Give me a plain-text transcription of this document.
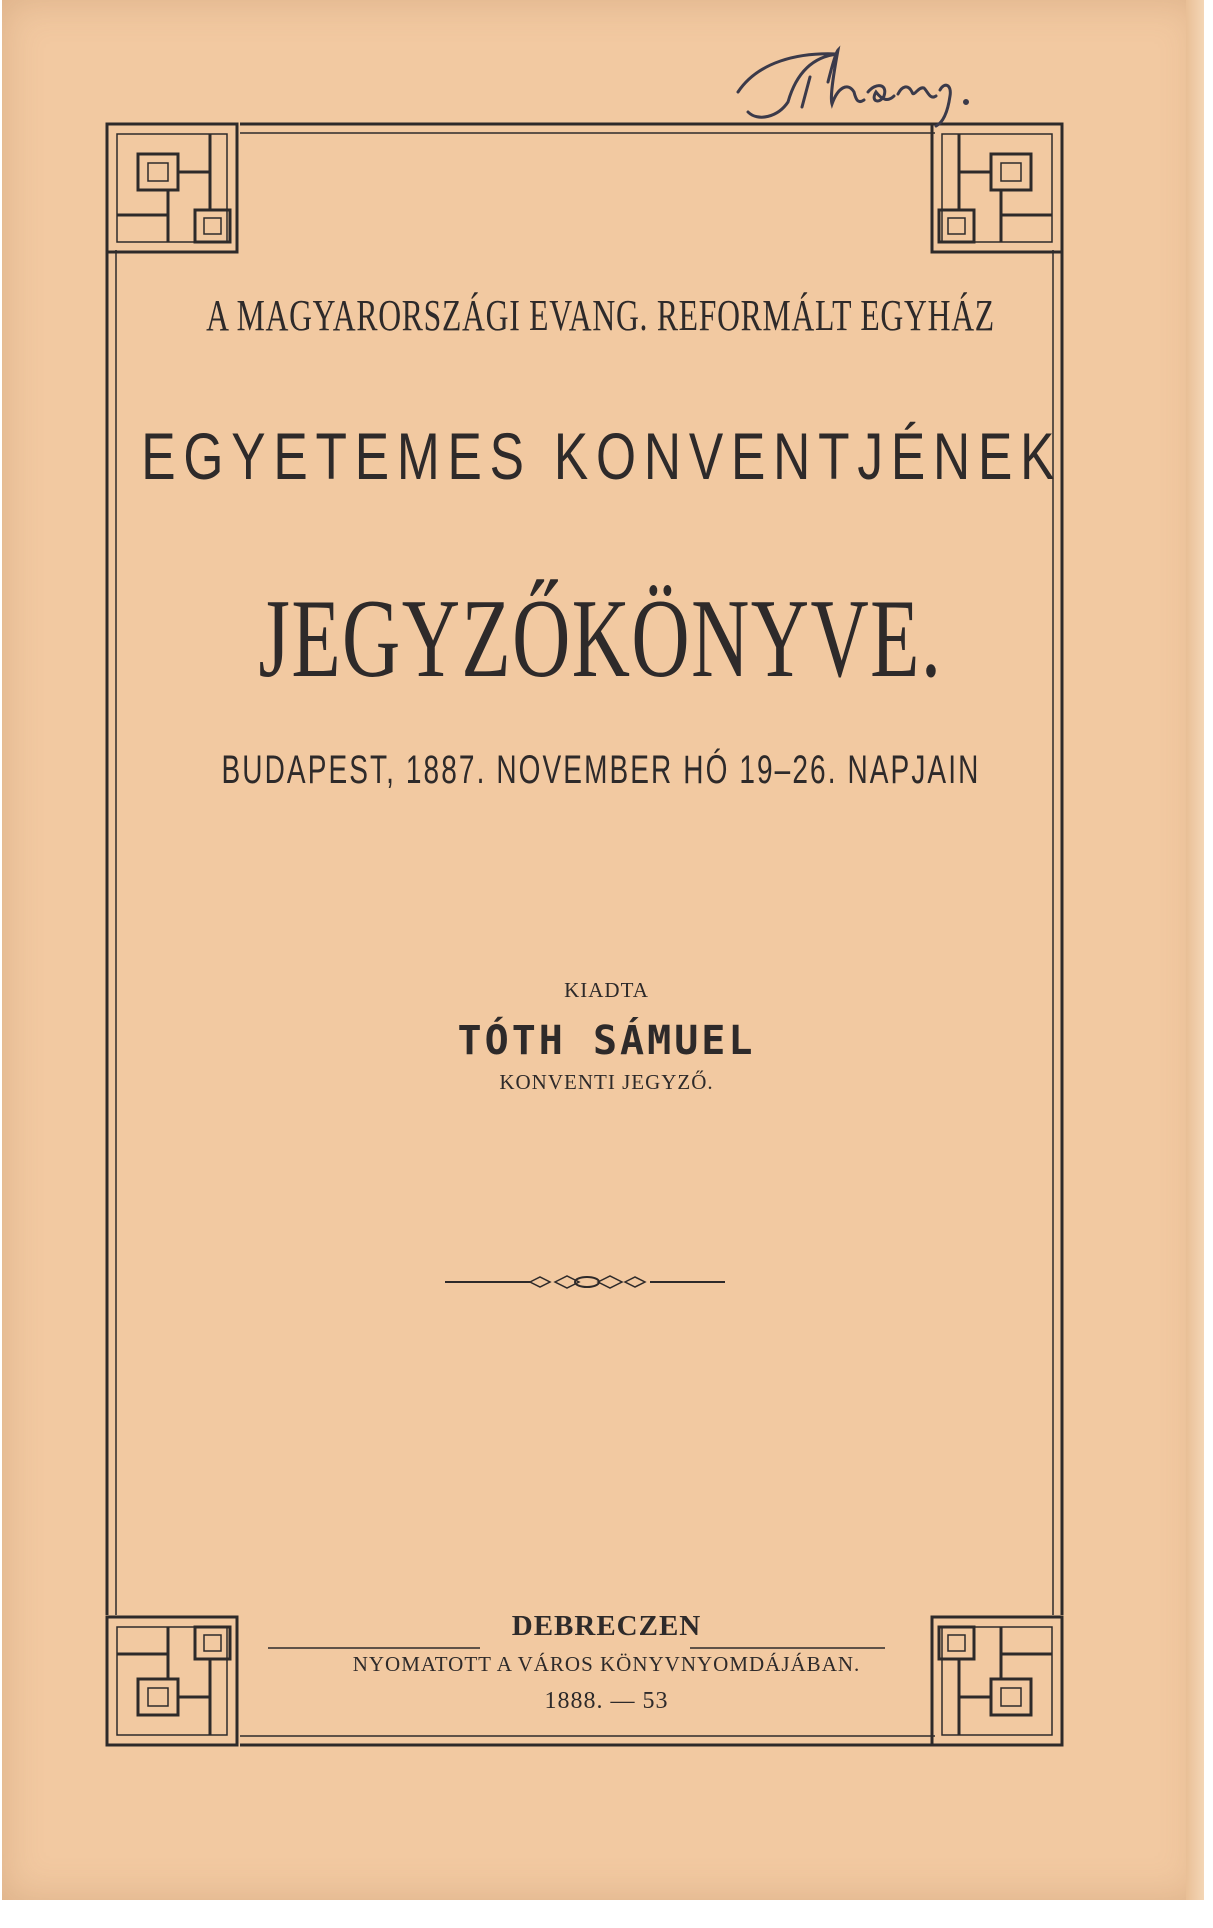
A MAGYARORSZÁGI EVANG. REFORMÁLT EGYHÁZ
EGYETEMES KONVENTJÉNEK
JEGYZŐKÖNYVE.
BUDAPEST, 1887. NOVEMBER HÓ 19–26. NAPJAIN
KIADTA
TÓTH SÁMUEL
KONVENTI JEGYZŐ.
DEBRECZEN
NYOMATOTT A VÁROS KÖNYVNYOMDÁJÁBAN.
1888. — 53
